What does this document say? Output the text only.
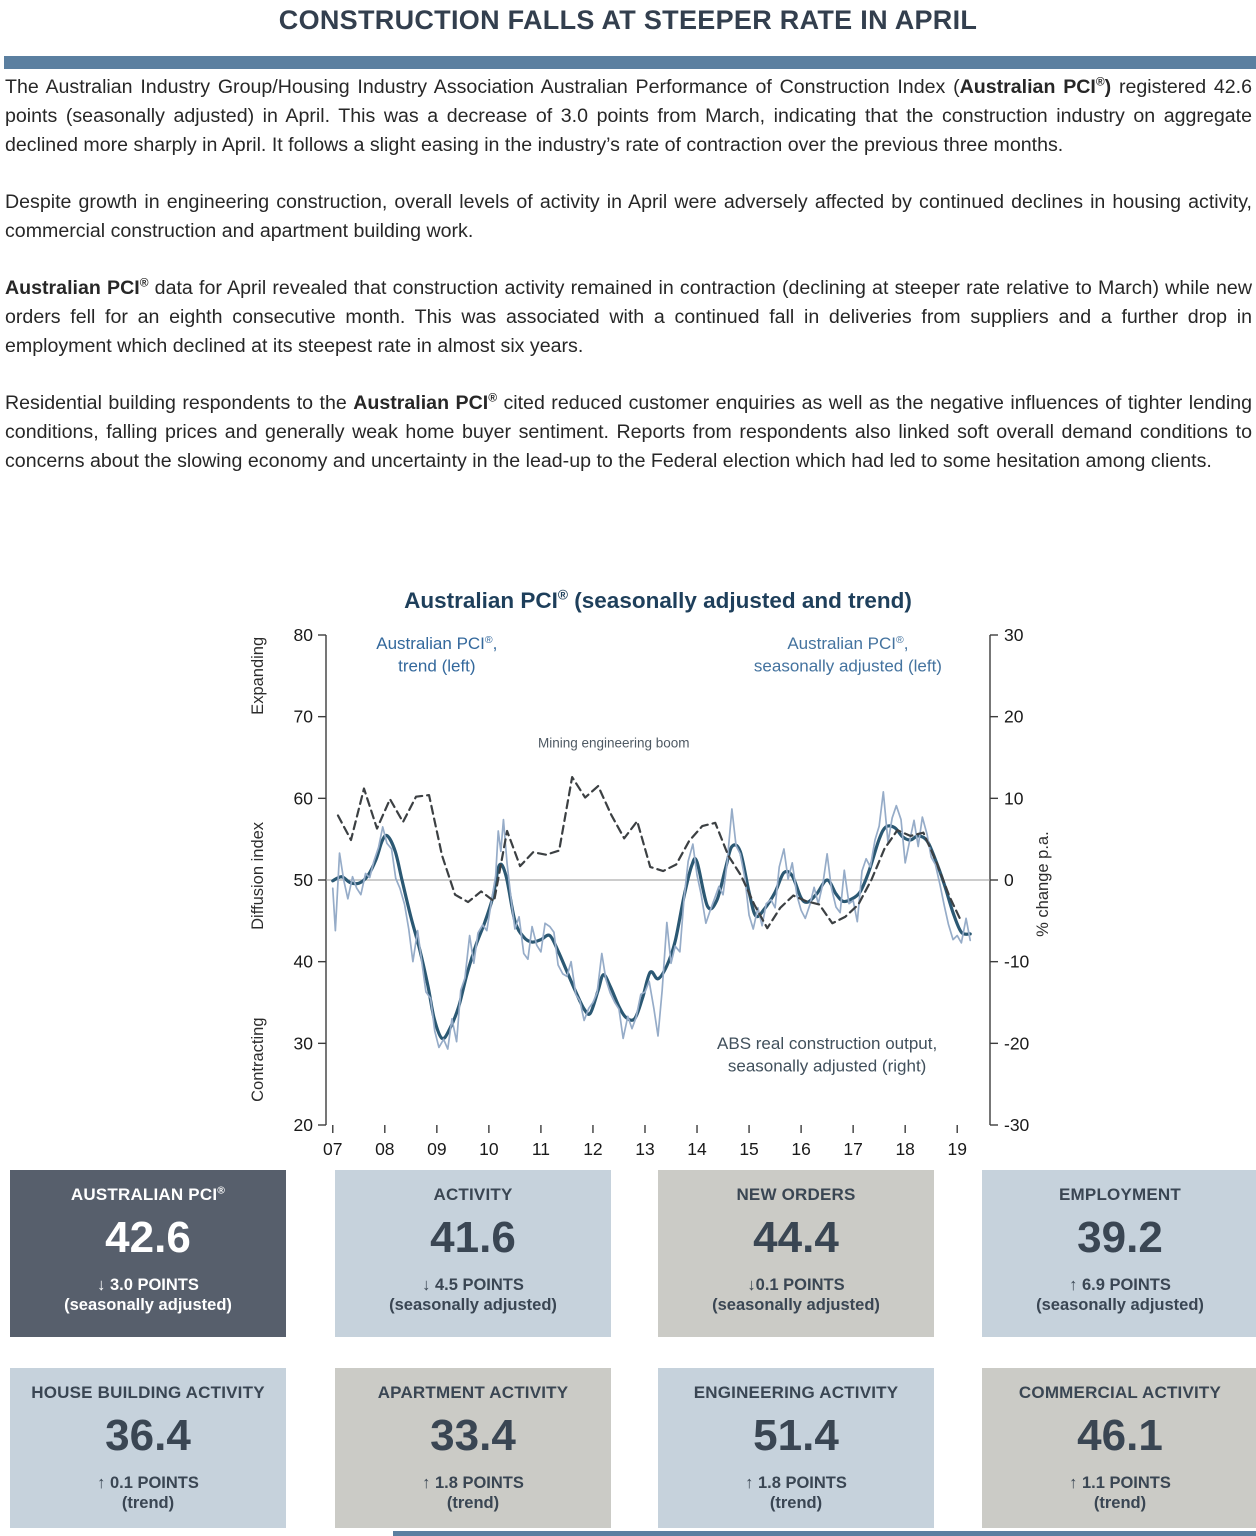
CONSTRUCTION FALLS AT STEEPER RATE IN APRIL

The Australian Industry Group/Housing Industry Association Australian Performance of Construction Index (Australian PCI®) registered 42.6 points (seasonally adjusted) in April. This was a decrease of 3.0 points from March, indicating that the construction industry on aggregate declined more sharply in April. It follows a slight easing in the industry’s rate of contraction over the previous three months.

Despite growth in engineering construction, overall levels of activity in April were adversely affected by continued declines in housing activity, commercial construction and apartment building work.

Australian PCI® data for April revealed that construction activity remained in contraction (declining at steeper rate relative to March) while new orders fell for an eighth consecutive month. This was associated with a continued fall in deliveries from suppliers and a further drop in employment which declined at its steepest rate in almost six years.

Residential building respondents to the Australian PCI® cited reduced customer enquiries as well as the negative influences of tighter lending conditions, falling prices and generally weak home buyer sentiment. Reports from respondents also linked soft overall demand conditions to concerns about the slowing economy and uncertainty in the lead-up to the Federal election which had led to some hesitation among clients.

Australian PCI® (seasonally adjusted and trend)
20
30
40
50
60
70
80
-30
-20
-10
0
10
20
30
07 08 09 10 11 12 13 14 15 16 17 18 19
Expanding
Diffusion index
Contracting
% change p.a.
Australian PCI®,
trend (left)
Australian PCI®,
seasonally adjusted (left)
Mining engineering boom
ABS real construction output,
seasonally adjusted (right)
AUSTRALIAN PCI®
42.6
↓ 3.0 POINTS
(seasonally adjusted)
ACTIVITY
41.6
↓ 4.5 POINTS
(seasonally adjusted)
NEW ORDERS
44.4
↓0.1 POINTS
(seasonally adjusted)
EMPLOYMENT
39.2
↑ 6.9 POINTS
(seasonally adjusted)
HOUSE BUILDING ACTIVITY
36.4
↑ 0.1 POINTS
(trend)
APARTMENT ACTIVITY
33.4
↑ 1.8 POINTS
(trend)
ENGINEERING ACTIVITY
51.4
↑ 1.8 POINTS
(trend)
COMMERCIAL ACTIVITY
46.1
↑ 1.1 POINTS
(trend)
